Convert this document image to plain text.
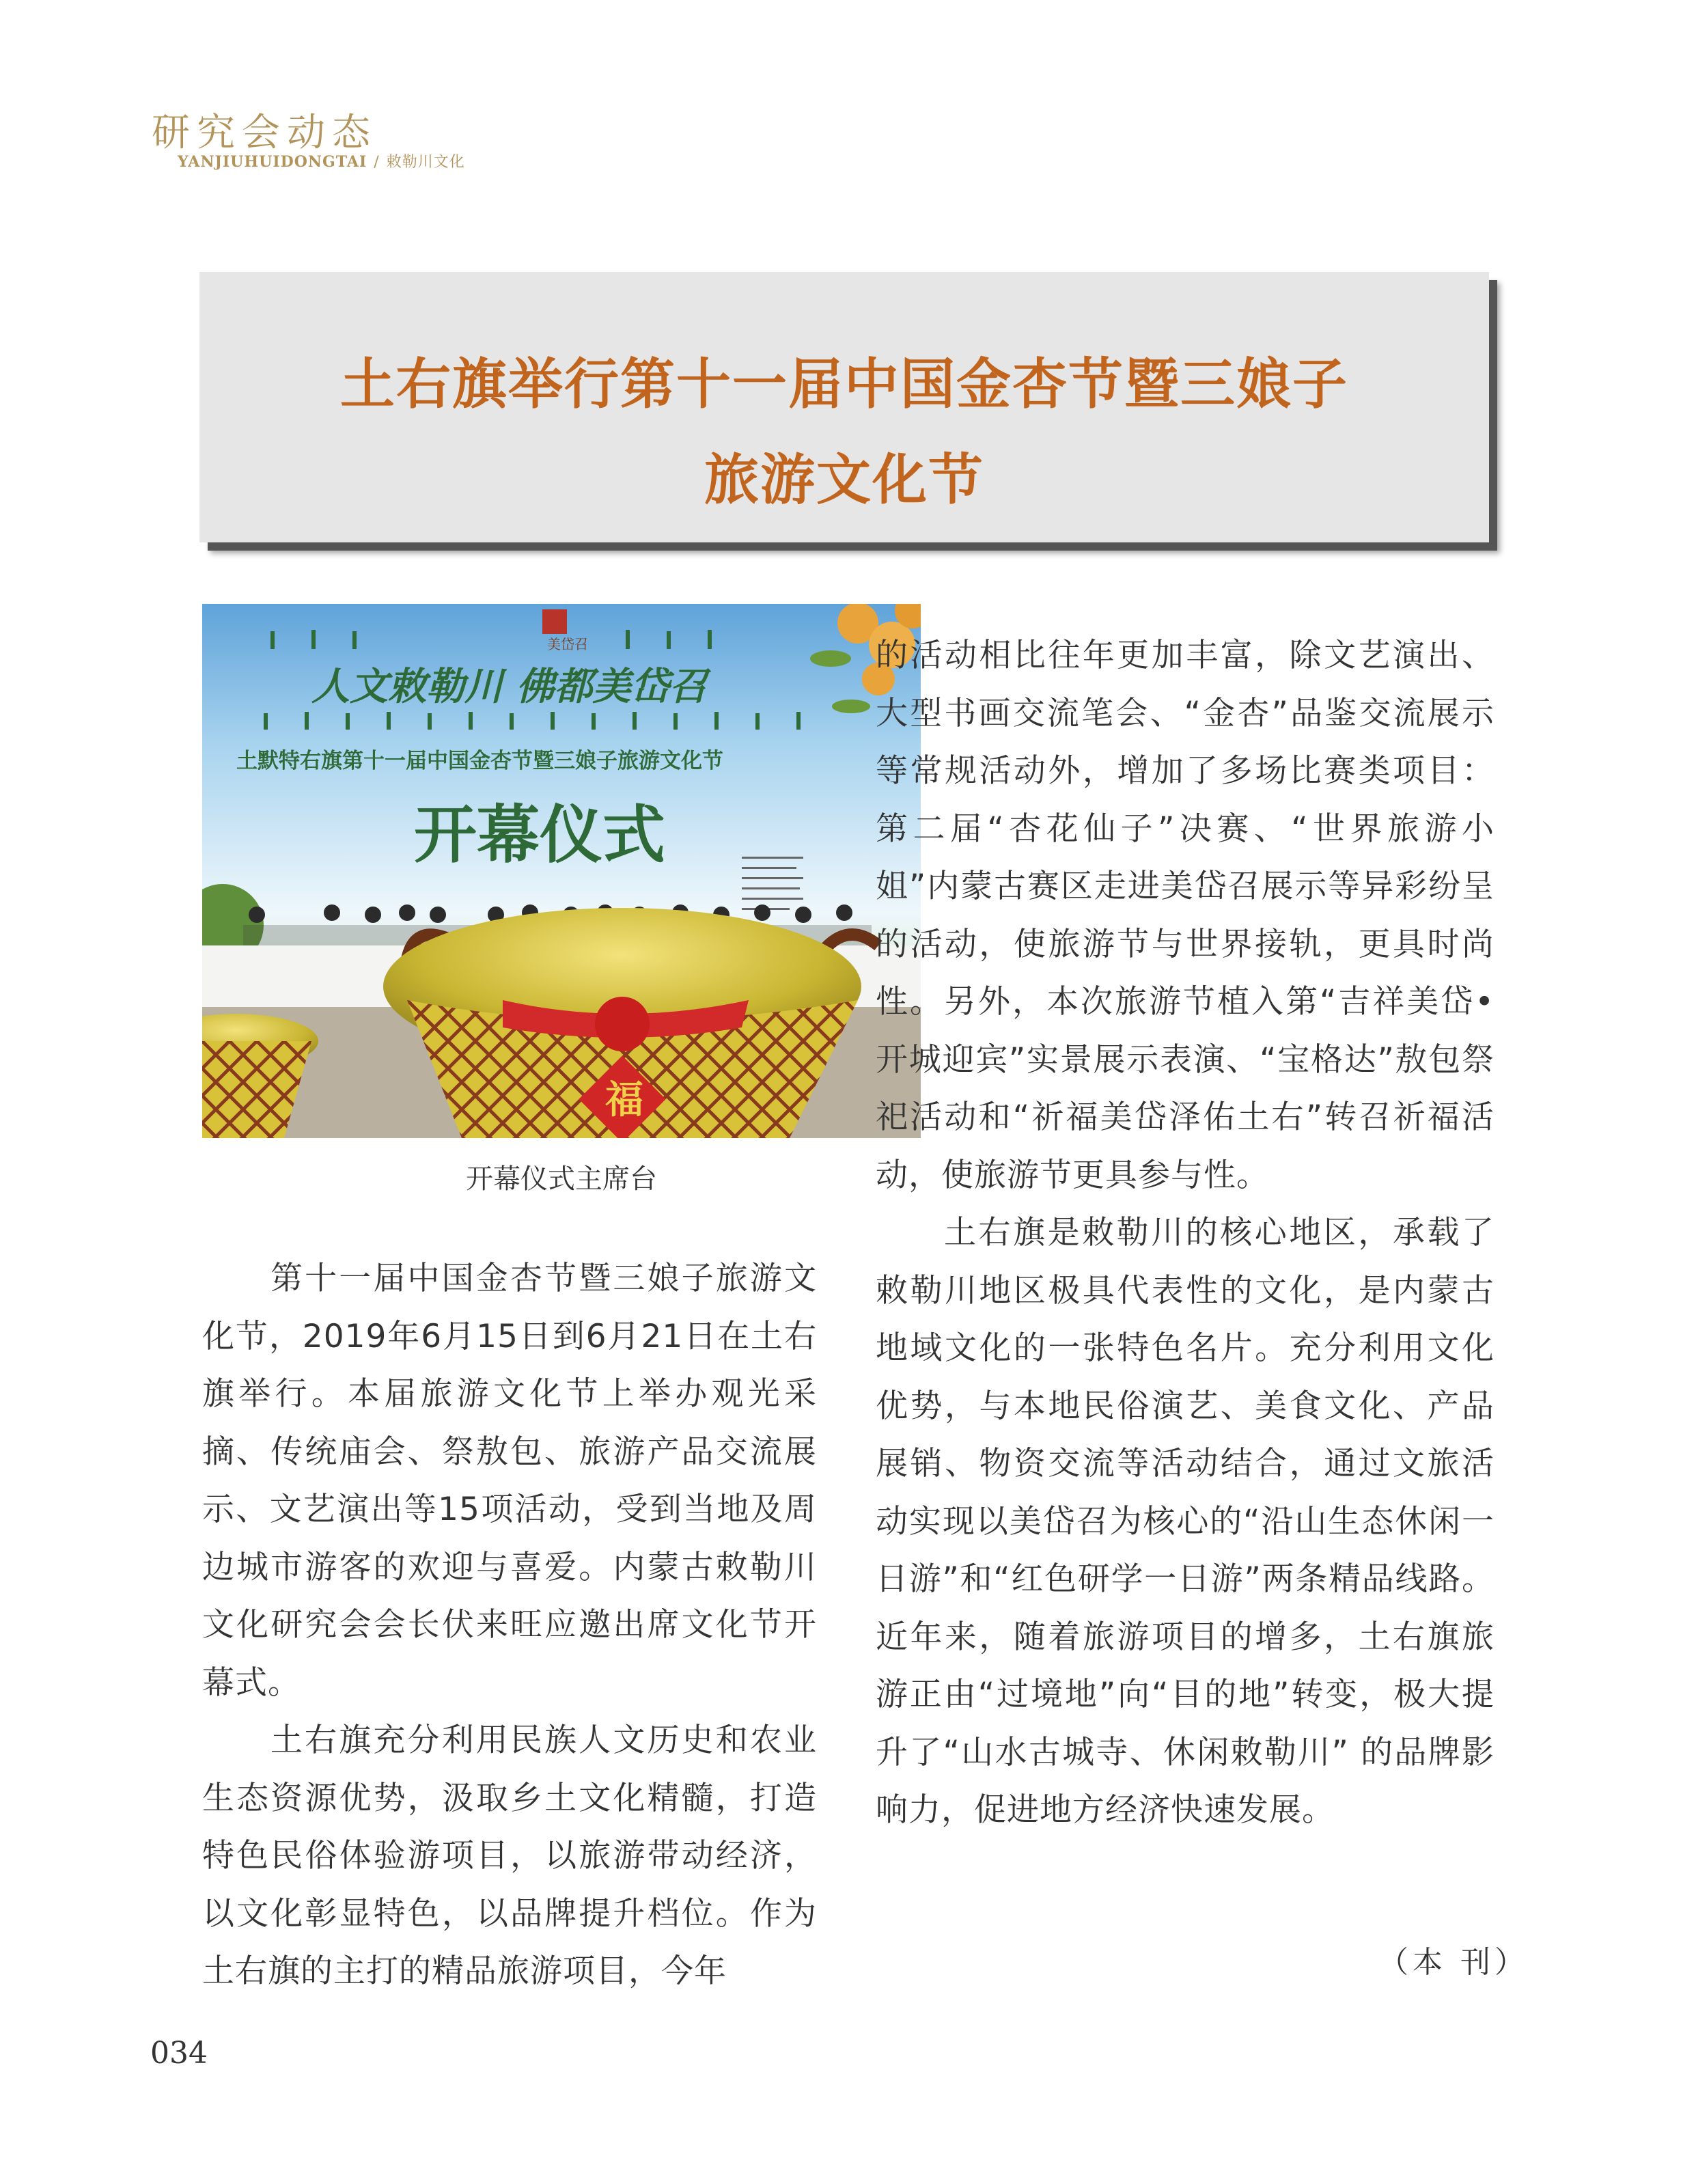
研究会动态
YANJIUHUIDONGTAI / 敕勒川文化
土右旗举行第十一届中国金杏节暨三娘子
旅游文化节
美岱召
人文敕勒川 佛都美岱召
土默特右旗第十一届中国金杏节暨三娘子旅游文化节
开幕仪式
福
开幕仪式主席台

第十一届中国金杏节暨三娘子旅游文化节，2019年6月15日到6月21日在土右旗举行。本届旅游文化节上举办观光采摘、传统庙会、祭敖包、旅游产品交流展示、文艺演出等15项活动，受到当地及周边城市游客的欢迎与喜爱。内蒙古敕勒川文化研究会会长伏来旺应邀出席文化节开幕式。

土右旗充分利用民族人文历史和农业生态资源优势，汲取乡土文化精髓，打造特色民俗体验游项目，以旅游带动经济，以文化彰显特色，以品牌提升档位。作为土右旗的主打的精品旅游项目，今年

的活动相比往年更加丰富，除文艺演出、大型书画交流笔会、“金杏”品鉴交流展示等常规活动外，增加了多场比赛类项目：第二届“杏花仙子”决赛、“世界旅游小姐”内蒙古赛区走进美岱召展示等异彩纷呈的活动，使旅游节与世界接轨，更具时尚性。另外，本次旅游节植入第“吉祥美岱•开城迎宾”实景展示表演、“宝格达”敖包祭祀活动和“祈福美岱泽佑土右”转召祈福活动，使旅游节更具参与性。

土右旗是敕勒川的核心地区，承载了敕勒川地区极具代表性的文化，是内蒙古地域文化的一张特色名片。充分利用文化优势，与本地民俗演艺、美食文化、产品展销、物资交流等活动结合，通过文旅活动实现以美岱召为核心的“沿山生态休闲一日游”和“红色研学一日游”两条精品线路。近年来，随着旅游项目的增多，土右旗旅游正由“过境地”向“目的地”转变，极大提升了“山水古城寺、休闲敕勒川” 的品牌影响力，促进地方经济快速发展。

（本 刊）
034
